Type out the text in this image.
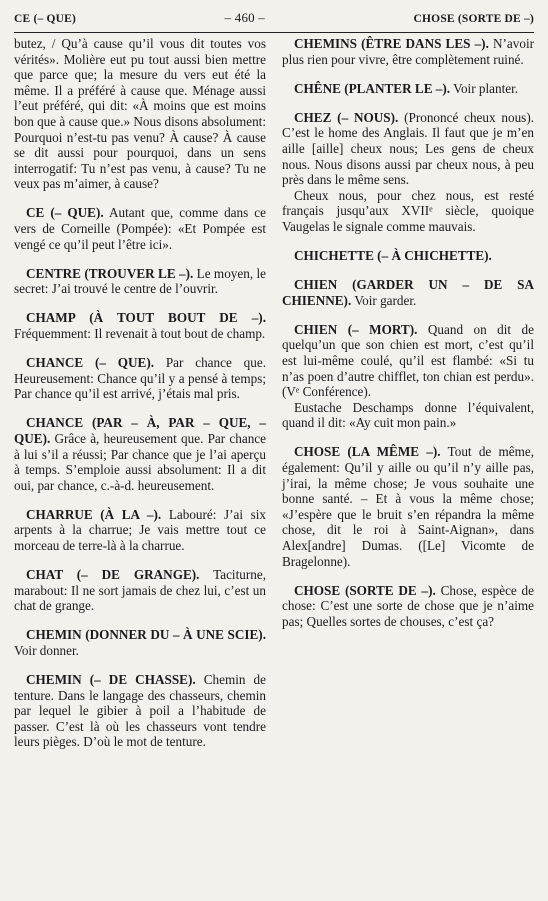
CE (– QUE)	– 460 –	CHOSE (SORTE DE –)

butez, / Qu’à cause qu’il vous dit toutes vos vérités». Molière eut pu tout aussi bien mettre que parce que; la mesure du vers eut été la même. Il a préféré à cause que. Ménage aussi l’eut préféré, qui dit: «À moins que est moins bon que à cause que.» Nous disons absolument: Pourquoi n’est-tu pas venu? À cause? À cause se dit aussi pour pourquoi, dans un sens interrogatif: Tu n’est pas venu, à cause? Tu ne veux pas m’aimer, à cause?

CE (– QUE). Autant que, comme dans ce vers de Corneille (Pompée): «Et Pompée est vengé ce qu’il peut l’être ici».

CENTRE (TROUVER LE –). Le moyen, le secret: J’ai trouvé le centre de l’ouvrir.

CHAMP (À TOUT BOUT DE –). Fréquemment: Il revenait à tout bout de champ.

CHANCE (– QUE). Par chance que. Heureusement: Chance qu’il y a pensé à temps; Par chance qu’il est arrivé, j’étais mal pris.

CHANCE (PAR – À, PAR – QUE, – QUE). Grâce à, heureusement que. Par chance à lui s’il a réussi; Par chance que je l’ai aperçu à temps. S’emploie aussi absolument: Il a dit oui, par chance, c.-à-d. heureusement.

CHARRUE (À LA –). Labouré: J’ai six arpents à la charrue; Je vais mettre tout ce morceau de terre-là à la charrue.

CHAT (– DE GRANGE). Taciturne, marabout: Il ne sort jamais de chez lui, c’est un chat de grange.

CHEMIN (DONNER DU – À UNE SCIE). Voir donner.

CHEMIN (– DE CHASSE). Chemin de tenture. Dans le langage des chasseurs, chemin par lequel le gibier à poil a l’habitude de passer. C’est là où les chasseurs vont tendre leurs pièges. D’où le mot de tenture.

CHEMINS (ÊTRE DANS LES –). N’avoir plus rien pour vivre, être complètement ruiné.

CHÊNE (PLANTER LE –). Voir planter.

CHEZ (– NOUS). (Prononcé cheux nous). C’est le home des Anglais. Il faut que je m’en aille [aille] cheux nous; Les gens de cheux nous. Nous disons aussi par cheux nous, à peu près dans le même sens.

Cheux nous, pour chez nous, est resté français jusqu’aux XVIIᵉ siècle, quoique Vaugelas le signale comme mauvais.

CHICHETTE (– À CHICHETTE).

CHIEN (GARDER UN – DE SA CHIENNE). Voir garder.

CHIEN (– MORT). Quand on dit de quelqu’un que son chien est mort, c’est qu’il est lui-même coulé, qu’il est flambé: «Si tu n’as poen d’autre chifflet, ton chian est perdu». (Vᵉ Conférence).

Eustache Deschamps donne l’équivalent, quand il dit: «Ay cuit mon pain.»

CHOSE (LA MÊME –). Tout de même, également: Qu’il y aille ou qu’il n’y aille pas, j’irai, la même chose; Je vous souhaite une bonne santé. – Et à vous la même chose; «J’espère que le bruit s’en répandra la même chose, dit le roi à Saint-Aignan», dans Alex[andre] Dumas. ([Le] Vicomte de Bragelonne).

CHOSE (SORTE DE –). Chose, espèce de chose: C’est une sorte de chose que je n’aime pas; Quelles sortes de chouses, c’est ça?
